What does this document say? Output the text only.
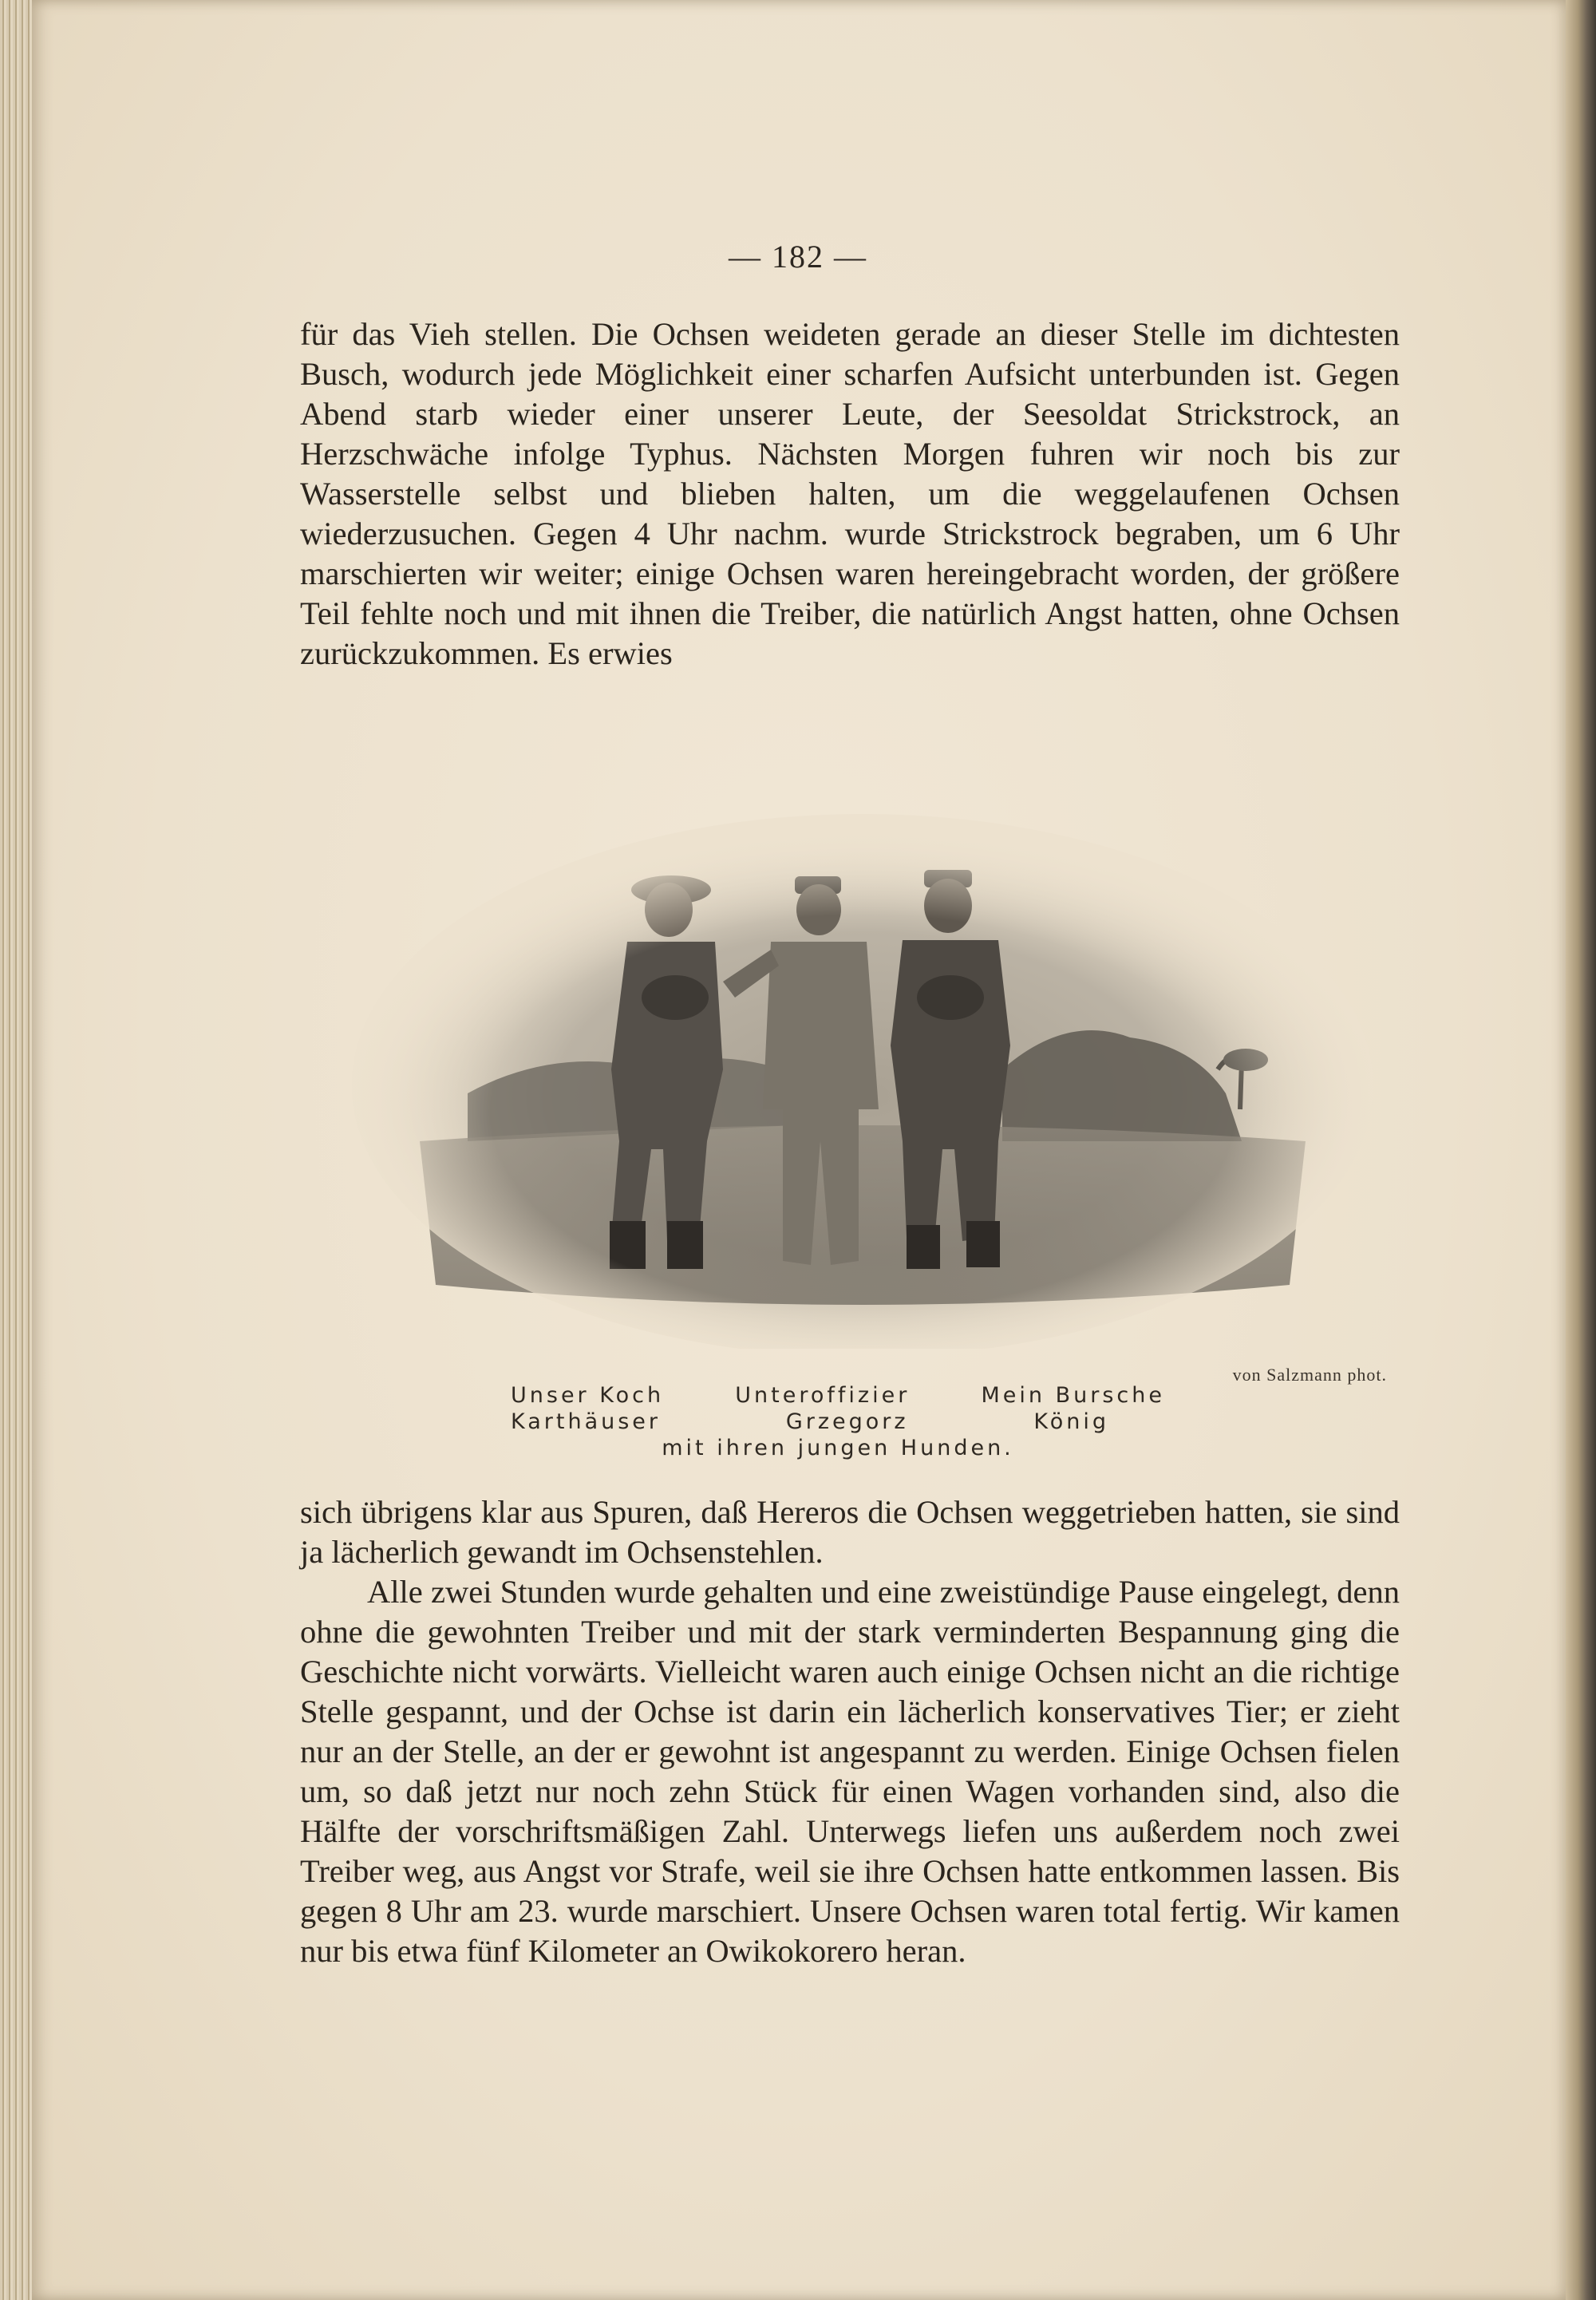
— 182 —

für das Vieh stellen. Die Ochsen weideten gerade an dieser Stelle im dichtesten Busch, wodurch jede Möglichkeit einer scharfen Aufsicht unterbunden ist. Gegen Abend starb wieder einer unserer Leute, der Seesoldat Strickstrock, an Herzschwäche infolge Typhus. Nächsten Morgen fuhren wir noch bis zur Wasserstelle selbst und blieben halten, um die weggelaufenen Ochsen wiederzusuchen. Gegen 4 Uhr nachm. wurde Strickstrock begraben, um 6 Uhr marschierten wir weiter; einige Ochsen waren hereingebracht worden, der größere Teil fehlte noch und mit ihnen die Treiber, die natürlich Angst hatten, ohne Ochsen zurückzukommen. Es erwies

von Salzmann phot.
Unser Koch	Unteroffizier	Mein Bursche
Karthäuser	Grzegorz	König
mit ihren jungen Hunden.

sich übrigens klar aus Spuren, daß Hereros die Ochsen weggetrieben hatten, sie sind ja lächerlich gewandt im Ochsenstehlen.

Alle zwei Stunden wurde gehalten und eine zweistündige Pause eingelegt, denn ohne die gewohnten Treiber und mit der stark verminderten Bespannung ging die Geschichte nicht vorwärts. Vielleicht waren auch einige Ochsen nicht an die richtige Stelle gespannt, und der Ochse ist darin ein lächerlich konservatives Tier; er zieht nur an der Stelle, an der er gewohnt ist angespannt zu werden. Einige Ochsen fielen um, so daß jetzt nur noch zehn Stück für einen Wagen vorhanden sind, also die Hälfte der vorschriftsmäßigen Zahl. Unterwegs liefen uns außerdem noch zwei Treiber weg, aus Angst vor Strafe, weil sie ihre Ochsen hatte entkommen lassen. Bis gegen 8 Uhr am 23. wurde marschiert. Unsere Ochsen waren total fertig. Wir kamen nur bis etwa fünf Kilometer an Owikokorero heran.
